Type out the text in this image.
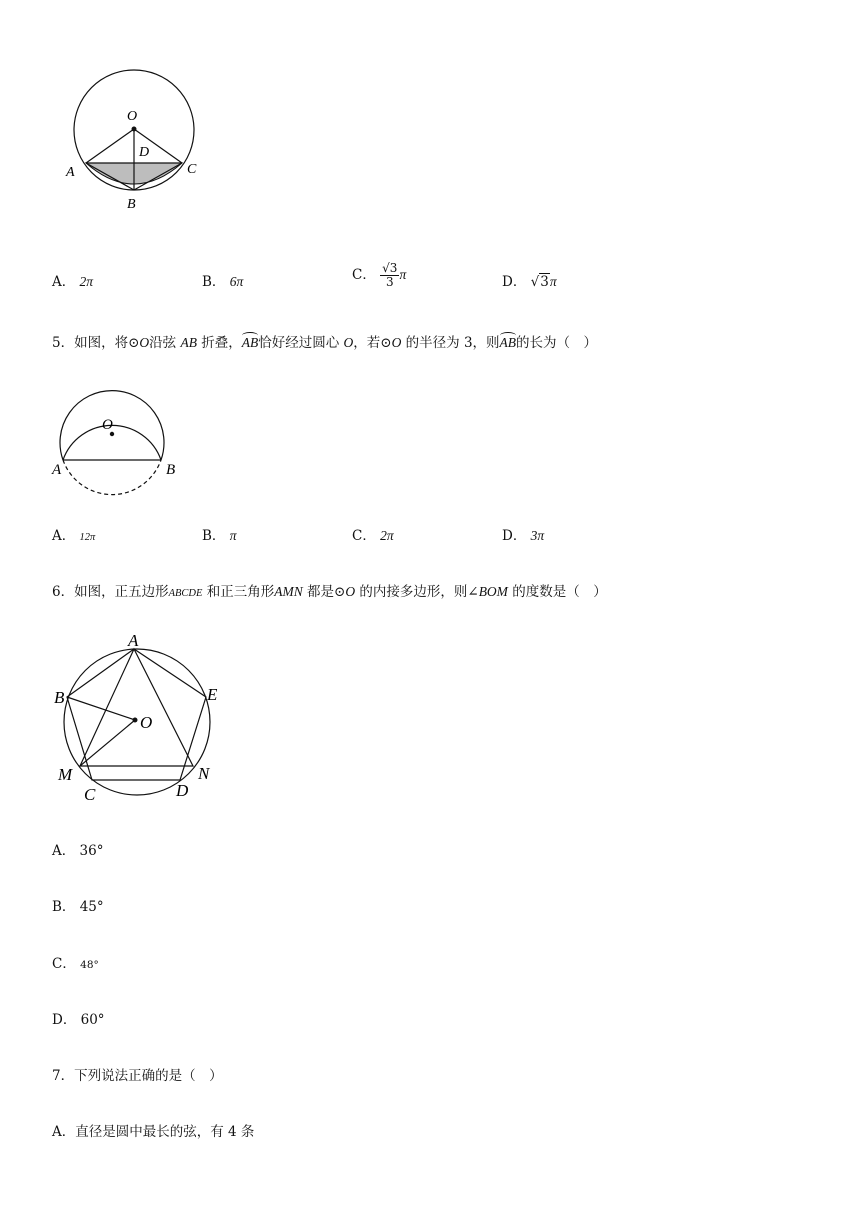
O
D
A
B
C
A． 2π	B． 6π	C． $\frac{√3}{3}$ π	D． √3π
5．如图，将⊙O沿弦 AB 折叠，AB恰好经过圆心 O，若⊙O 的半径为 3，则AB的长为（　）
O
A	B
A． 12π	B． π	C． 2π	D． 3π
6．如图，正五边形ABCDE 和正三角形AMN 都是⊙O 的内接多边形，则∠BOM 的度数是（　）
A
B	E
O
M	N
C	D
A． 36°
B． 45°
C． 48°
D． 60°
7．下列说法正确的是（　）
A．直径是圆中最长的弦，有 4 条
